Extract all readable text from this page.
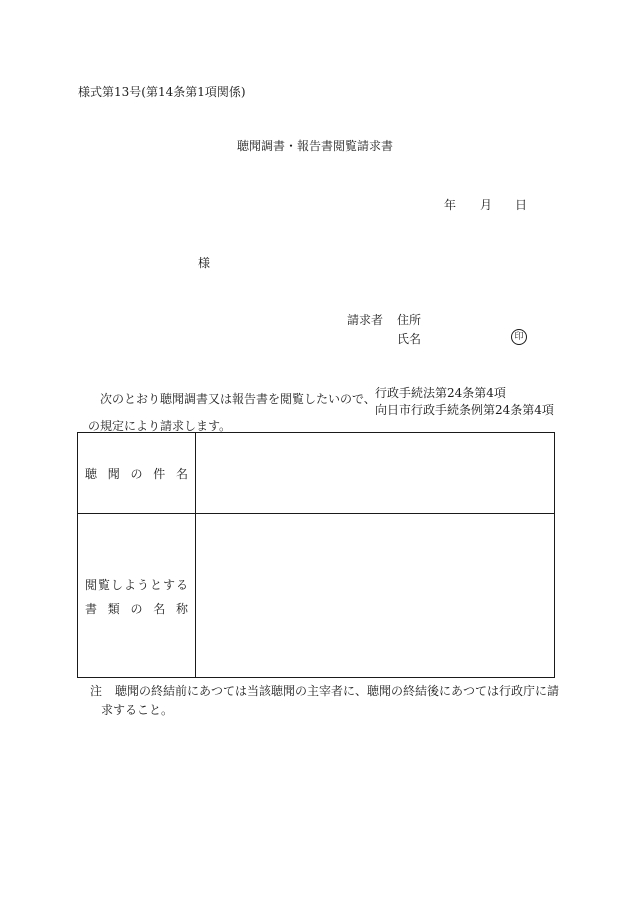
様式第13号(第14条第1項関係)
聴聞調書・報告書閲覧請求書
年 月 日
様
請求者 住所
氏名	印
次のとおり聴聞調書又は報告書を閲覧したいので、 行政手続法第24条第4項
向日市行政手続条例第24条第4項
の規定により請求します。
聴聞の件名
閲覧しようとする
書類の名称
注 聴聞の終結前にあつては当該聴聞の主宰者に、聴聞の終結後にあつては行政庁に請
求すること。
